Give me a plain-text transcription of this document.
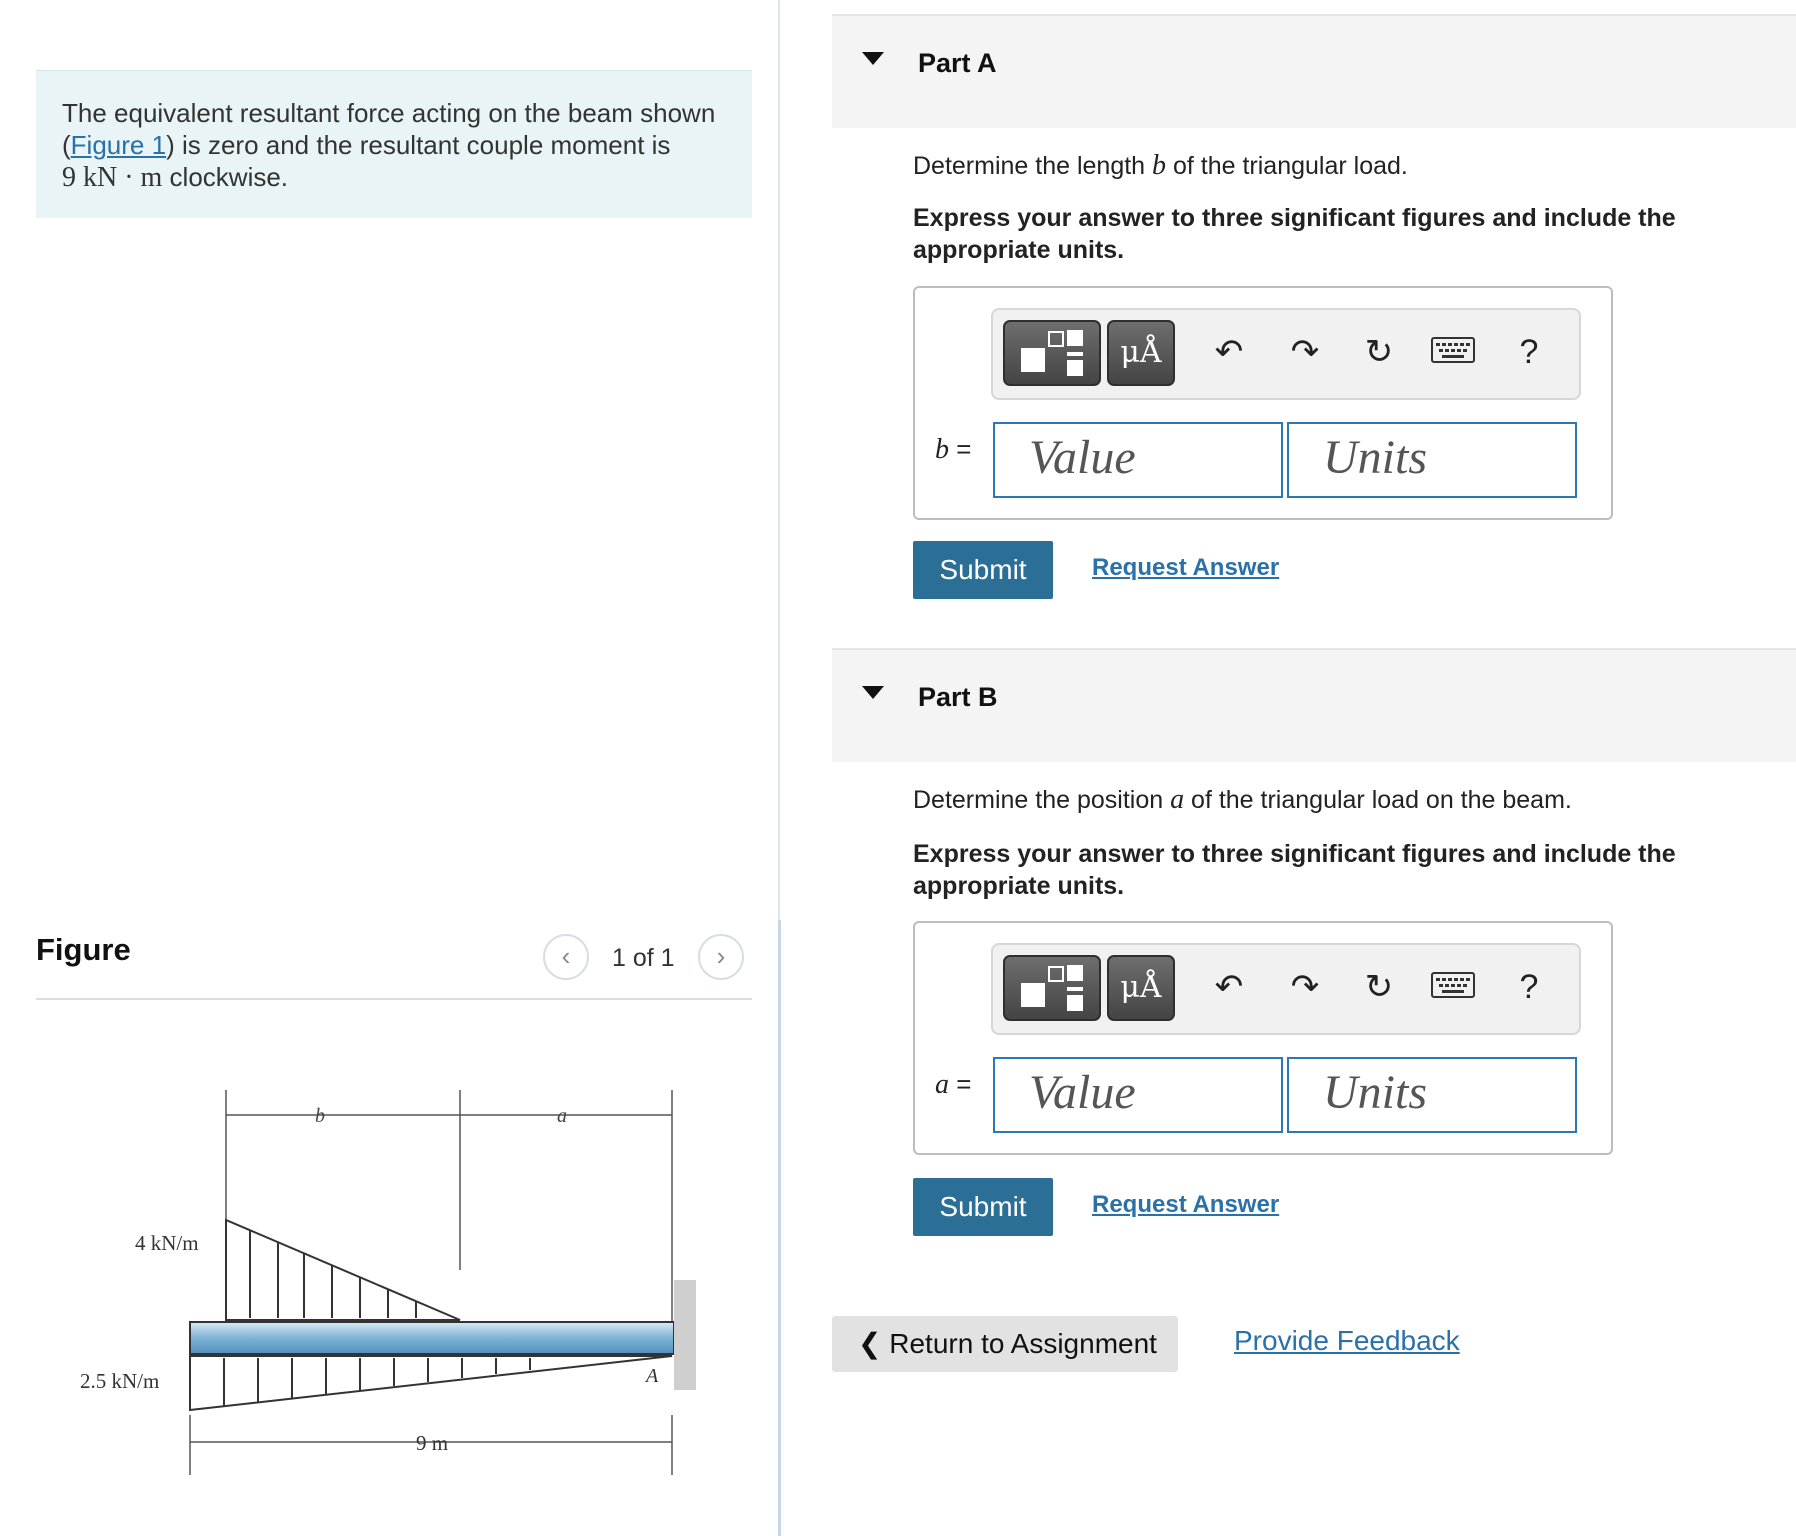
The equivalent resultant force acting on the beam shown (Figure 1) is zero and the resultant couple moment is
9 kN · m clockwise.
Figure	‹	1 of 1	›
b	a
4 kN/m
A
2.5 kN/m
9 m
Part A
Determine the length b of the triangular load.
Express your answer to three significant figures and include the appropriate units.
μÅ	↶	↷	↻	?
b = Value	Units
Submit	Request Answer
Part B
Determine the position a of the triangular load on the beam.
Express your answer to three significant figures and include the appropriate units.
μÅ	↶	↷	↻	?
a = Value	Units
Submit	Request Answer
❮ Return to Assignment	Provide Feedback
